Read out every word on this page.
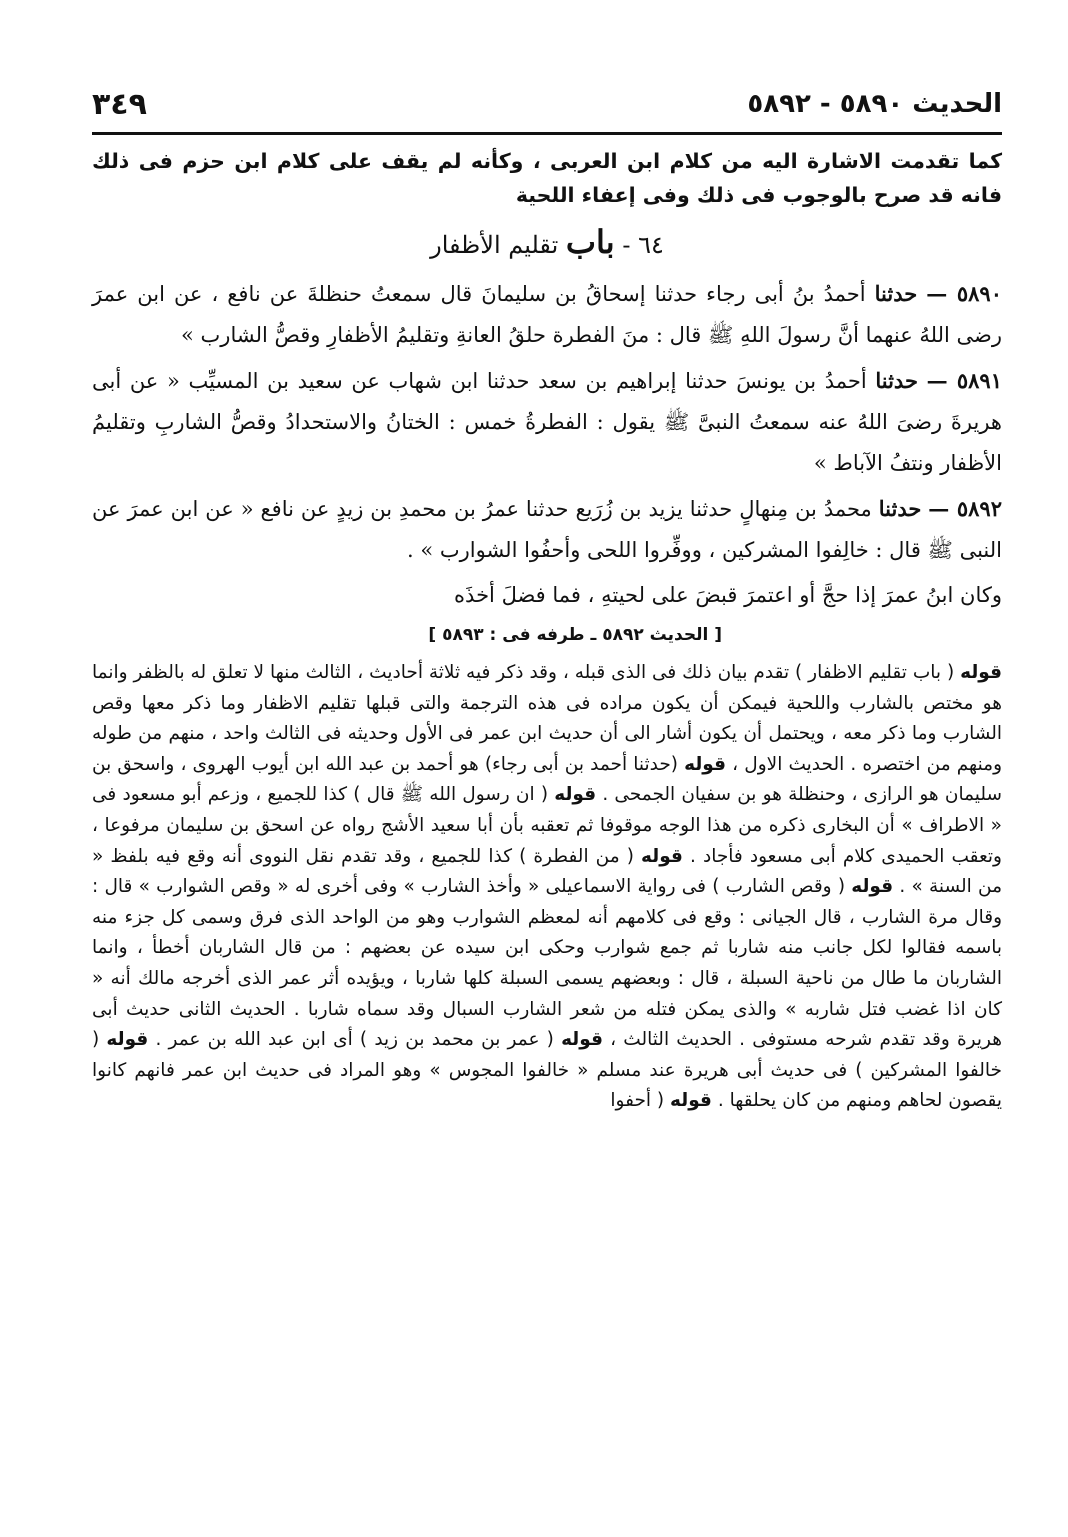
الحديث ٥٨٩٠ - ٥٨٩٢
٣٤٩

كما تقدمت الاشارة اليه من كلام ابن العربى ، وكأنه لم يقف على كلام ابن حزم فى ذلك فانه قد صرح بالوجوب فى ذلك وفى إعفاء اللحية

٦٤ - باب تقليم الأظفار

٥٨٩٠ — حدثنا أحمدُ بنُ أبى رجاء حدثنا إسحاقُ بن سليمانَ قال سمعتُ حنظلةَ عن نافع ، عن ابن عمرَ رضى اللهُ عنهما أنَّ رسولَ اللهِ ﷺ قال : منَ الفطرة حلقُ العانةِ وتقليمُ الأظفارِ وقصُّ الشارب »

٥٨٩١ — حدثنا أحمدُ بن يونسَ حدثنا إبراهيم بن سعد حدثنا ابن شهاب عن سعيد بن المسيِّب « عن أبى هريرةَ رضىَ اللهُ عنه سمعتُ النبىَّ ﷺ يقول : الفطرةُ خمس : الختانُ والاستحدادُ وقصُّ الشاربِ وتقليمُ الأظفار ونتفُ الآباط »

٥٨٩٢ — حدثنا محمدُ بن مِنهالٍ حدثنا يزيد بن زُرَيع حدثنا عمرُ بن محمدِ بن زيدٍ عن نافع « عن ابن عمرَ عن النبى ﷺ قال : خالِفوا المشركين ، ووفِّروا اللحى وأحفُوا الشوارب » .

وكان ابنُ عمرَ إذا حجَّ أو اعتمرَ قبضَ على لحيتهِ ، فما فضلَ أخذَه

[ الحديث ٥٨٩٢ ـ طرفه فى : ٥٨٩٣ ]

قوله ( باب تقليم الاظفار ) تقدم بيان ذلك فى الذى قبله ، وقد ذكر فيه ثلاثة أحاديث ، الثالث منها لا تعلق له بالظفر وانما هو مختص بالشارب واللحية فيمكن أن يكون مراده فى هذه الترجمة والتى قبلها تقليم الاظفار وما ذكر معها وقص الشارب وما ذكر معه ، ويحتمل أن يكون أشار الى أن حديث ابن عمر فى الأول وحديثه فى الثالث واحد ، منهم من طوله ومنهم من اختصره . الحديث الاول ، قوله (حدثنا أحمد بن أبى رجاء) هو أحمد بن عبد الله ابن أيوب الهروى ، واسحق بن سليمان هو الرازى ، وحنظلة هو بن سفيان الجمحى . قوله ( ان رسول الله ﷺ قال ) كذا للجميع ، وزعم أبو مسعود فى « الاطراف » أن البخارى ذكره من هذا الوجه موقوفا ثم تعقبه بأن أبا سعيد الأشج رواه عن اسحق بن سليمان مرفوعا ، وتعقب الحميدى كلام أبى مسعود فأجاد . قوله ( من الفطرة ) كذا للجميع ، وقد تقدم نقل النووى أنه وقع فيه بلفظ « من السنة » . قوله ( وقص الشارب ) فى رواية الاسماعيلى « وأخذ الشارب » وفى أخرى له « وقص الشوارب » قال : وقال مرة الشارب ، قال الجيانى : وقع فى كلامهم أنه لمعظم الشوارب وهو من الواحد الذى فرق وسمى كل جزء منه باسمه فقالوا لكل جانب منه شاربا ثم جمع شوارب وحكى ابن سيده عن بعضهم : من قال الشاربان أخطأ ، وانما الشاربان ما طال من ناحية السبلة ، قال : وبعضهم يسمى السبلة كلها شاربا ، ويؤيده أثر عمر الذى أخرجه مالك أنه « كان اذا غضب فتل شاربه » والذى يمكن فتله من شعر الشارب السبال وقد سماه شاربا . الحديث الثانى حديث أبى هريرة وقد تقدم شرحه مستوفى . الحديث الثالث ، قوله ( عمر بن محمد بن زيد ) أى ابن عبد الله بن عمر . قوله ( خالفوا المشركين ) فى حديث أبى هريرة عند مسلم « خالفوا المجوس » وهو المراد فى حديث ابن عمر فانهم كانوا يقصون لحاهم ومنهم من كان يحلقها . قوله ( أحفوا
